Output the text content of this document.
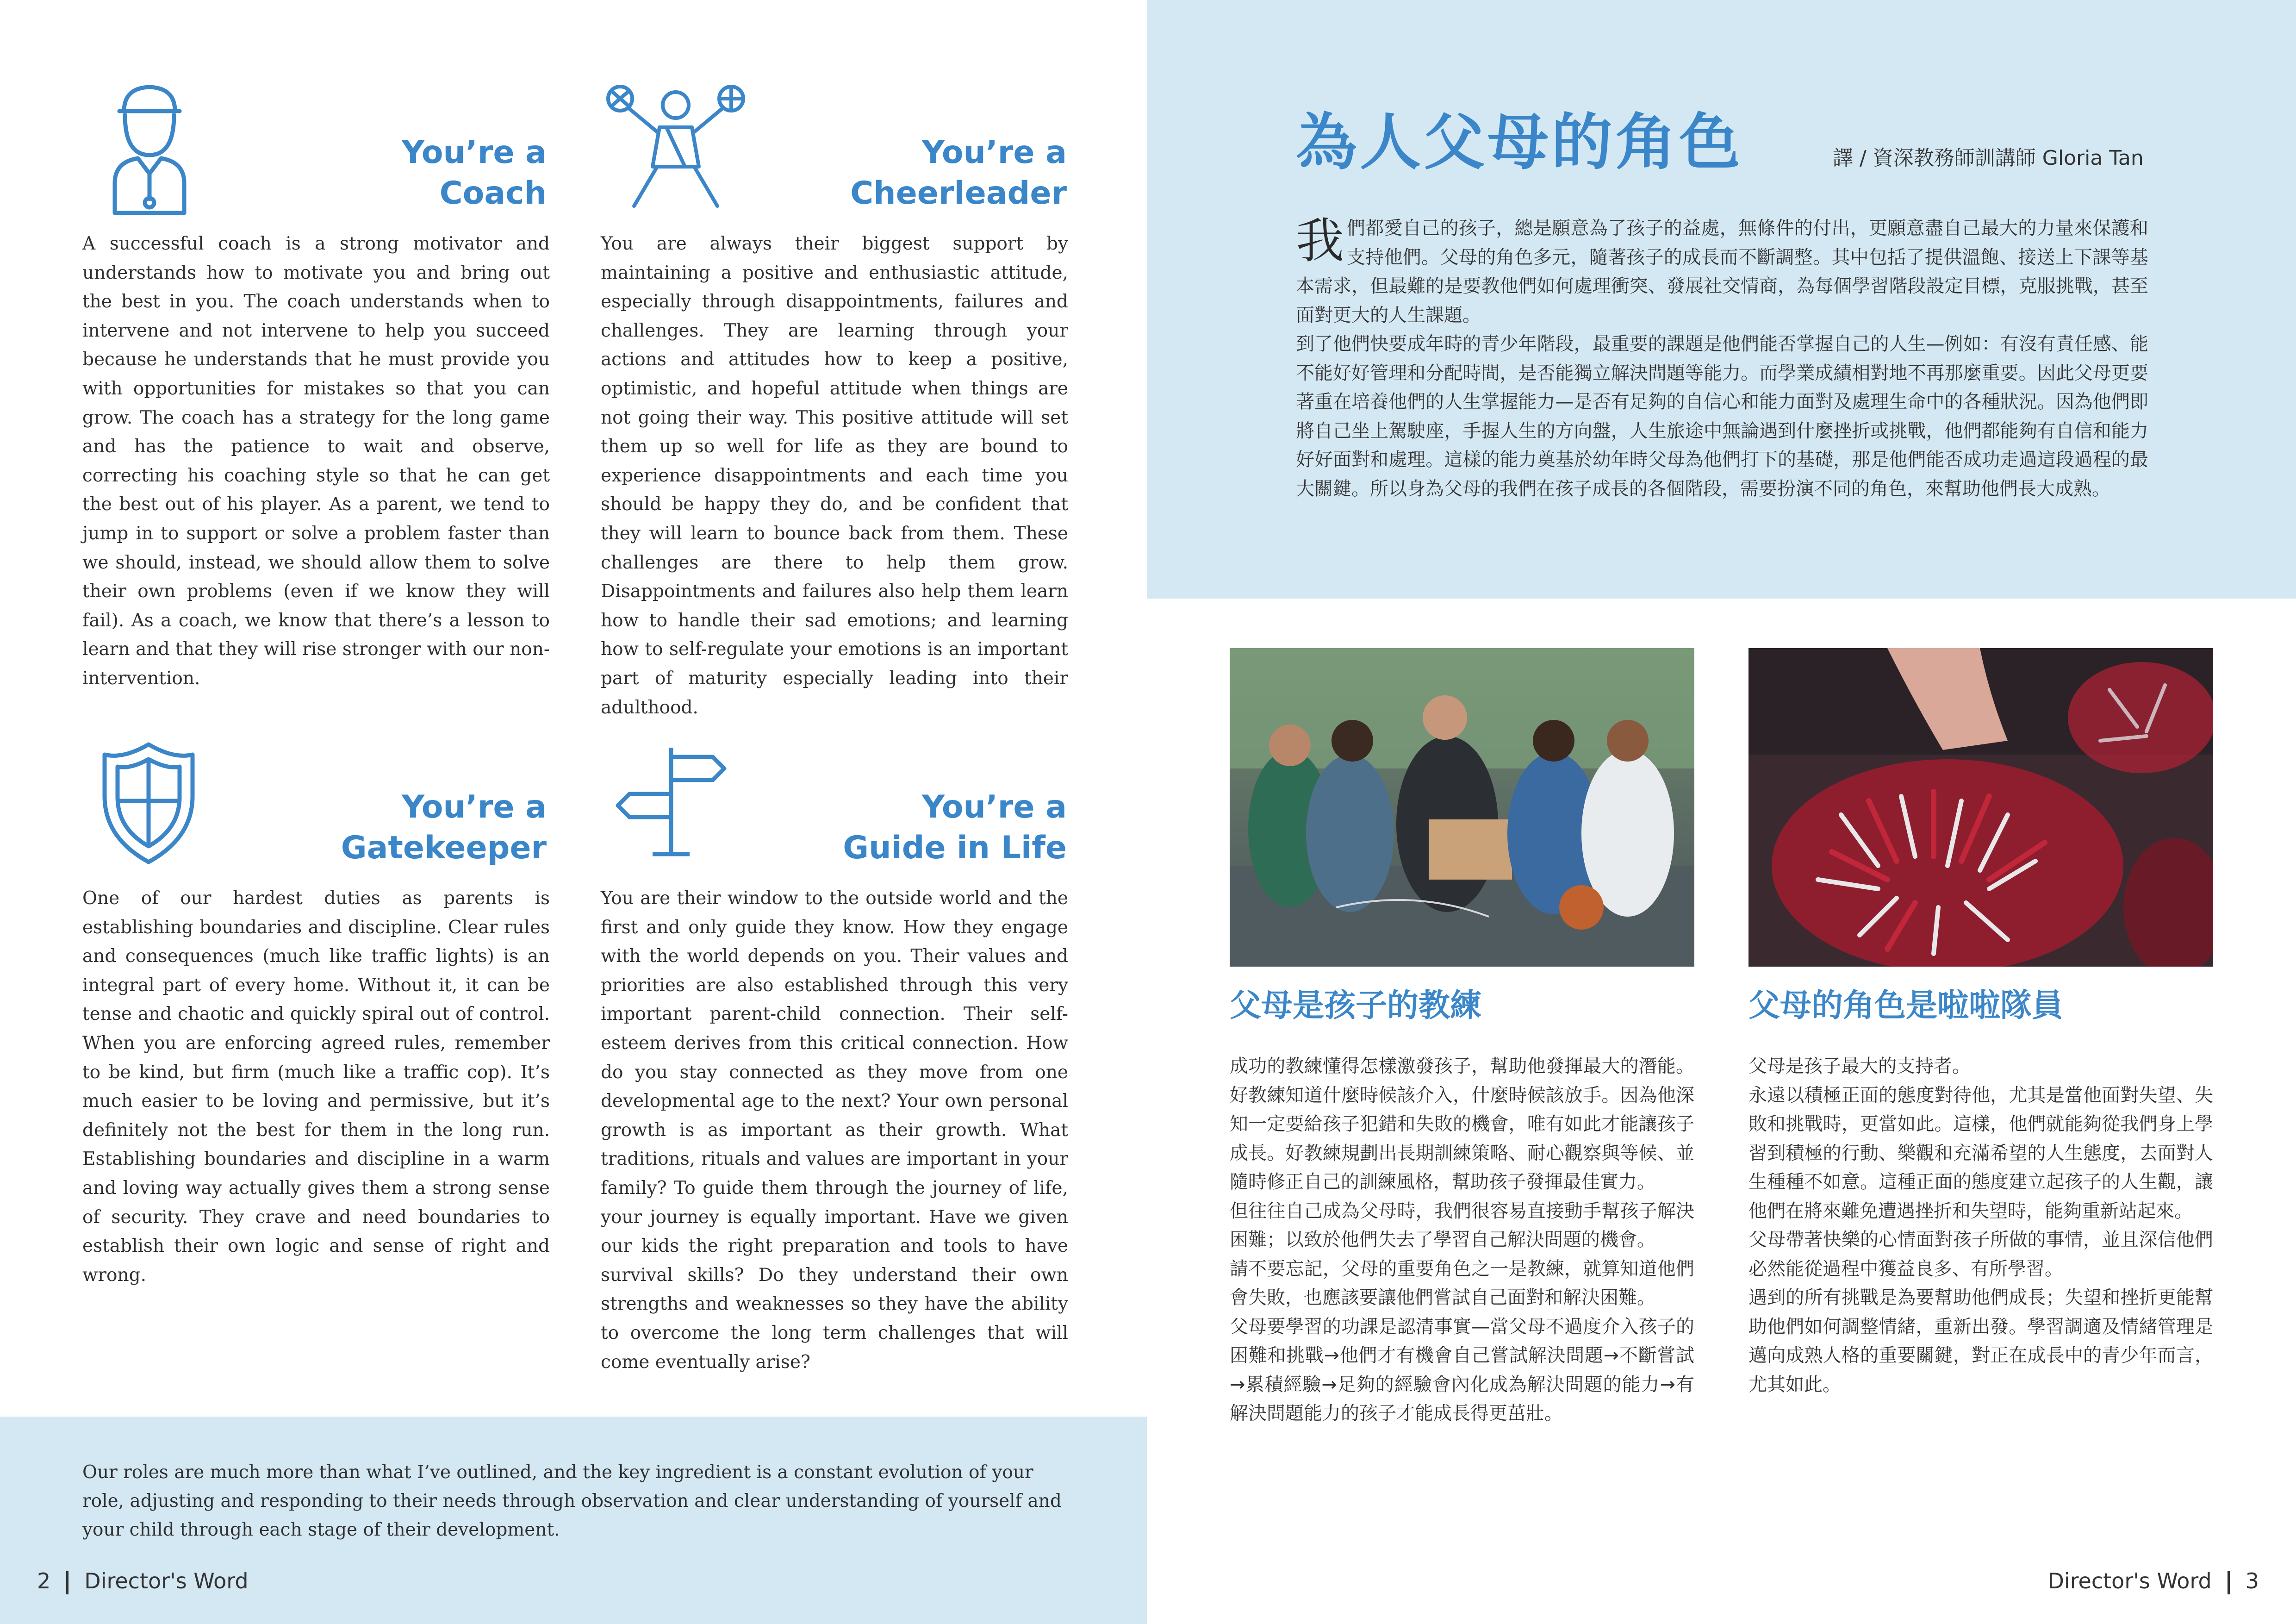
You’re a
Coach

A successful coach is a strong motivator and understands how to motivate you and bring out the best in you. The coach understands when to intervene and not intervene to help you succeed because he understands that he must provide you with opportunities for mistakes so that you can grow. The coach has a strategy for the long game and has the patience to wait and observe, correcting his coaching style so that he can get the best out of his player. As a parent, we tend to jump in to support or solve a problem faster than we should, instead, we should allow them to solve their own problems (even if we know they will fail). As a coach, we know that there’s a lesson to learn and that they will rise stronger with our non-intervention.

You’re a
Cheerleader

You are always their biggest support by maintaining a positive and enthusiastic attitude, especially through disappointments, failures and challenges. They are learning through your actions and attitudes how to keep a positive, optimistic, and hopeful attitude when things are not going their way. This positive attitude will set them up so well for life as they are bound to experience disappointments and each time you should be happy they do, and be confident that they will learn to bounce back from them. These challenges are there to help them grow. Disappointments and failures also help them learn how to handle their sad emotions; and learning how to self-regulate your emotions is an important part of maturity especially leading into their adulthood.

You’re a
Gatekeeper

One of our hardest duties as parents is establishing boundaries and discipline. Clear rules and consequences (much like traffic lights) is an integral part of every home. Without it, it can be tense and chaotic and quickly spiral out of control. When you are enforcing agreed rules, remember to be kind, but firm (much like a traffic cop). It’s much easier to be loving and permissive, but it’s definitely not the best for them in the long run. Establishing boundaries and discipline in a warm and loving way actually gives them a strong sense of security. They crave and need boundaries to establish their own logic and sense of right and wrong.

You’re a
Guide in Life

You are their window to the outside world and the first and only guide they know. How they engage with the world depends on you. Their values and priorities are also established through this very important parent-child connection. Their self-esteem derives from this critical connection. How do you stay connected as they move from one developmental age to the next? Your own personal growth is as important as their growth. What traditions, rituals and values are important in your family? To guide them through the journey of life, your journey is equally important. Have we given our kids the right preparation and tools to have survival skills? Do they understand their own strengths and weaknesses so they have the ability to overcome the long term challenges that will come eventually arise?

Our roles are much more than what I’ve outlined, and the key ingredient is a constant evolution of your role, adjusting and responding to their needs through observation and clear understanding of yourself and your child through each stage of their development.

2 Director's Word
為人父母的角色	譯 / 資深教務師訓講師 Gloria Tan

我們都愛自己的孩子，總是願意為了孩子的益處，無條件的付出，更願意盡自己最大的力量來保護和支持他們。父母的角色多元，隨著孩子的成長而不斷調整。其中包括了提供溫飽、接送上下課等基本需求，但最難的是要教他們如何處理衝突、發展社交情商，為每個學習階段設定目標，克服挑戰，甚至面對更大的人生課題。

到了他們快要成年時的青少年階段，最重要的課題是他們能否掌握自己的人生—例如：有沒有責任感、能不能好好管理和分配時間，是否能獨立解決問題等能力。而學業成績相對地不再那麼重要。因此父母更要著重在培養他們的人生掌握能力—是否有足夠的自信心和能力面對及處理生命中的各種狀況。因為他們即將自己坐上駕駛座，手握人生的方向盤，人生旅途中無論遇到什麼挫折或挑戰，他們都能夠有自信和能力好好面對和處理。這樣的能力奠基於幼年時父母為他們打下的基礎，那是他們能否成功走過這段過程的最大關鍵。所以身為父母的我們在孩子成長的各個階段，需要扮演不同的角色，來幫助他們長大成熟。

父母是孩子的教練

成功的教練懂得怎樣激發孩子，幫助他發揮最大的潛能。好教練知道什麼時候該介入，什麼時候該放手。因為他深知一定要給孩子犯錯和失敗的機會，唯有如此才能讓孩子成長。好教練規劃出長期訓練策略、耐心觀察與等候、並隨時修正自己的訓練風格，幫助孩子發揮最佳實力。

但往往自己成為父母時，我們很容易直接動手幫孩子解決困難；以致於他們失去了學習自己解決問題的機會。

請不要忘記，父母的重要角色之一是教練，就算知道他們會失敗，也應該要讓他們嘗試自己面對和解決困難。

父母要學習的功課是認清事實—當父母不過度介入孩子的困難和挑戰→他們才有機會自己嘗試解決問題→不斷嘗試→累積經驗→足夠的經驗會內化成為解決問題的能力→有解決問題能力的孩子才能成長得更茁壯。

父母的角色是啦啦隊員

父母是孩子最大的支持者。

永遠以積極正面的態度對待他，尤其是當他面對失望、失敗和挑戰時，更當如此。這樣，他們就能夠從我們身上學習到積極的行動、樂觀和充滿希望的人生態度，去面對人生種種不如意。這種正面的態度建立起孩子的人生觀，讓他們在將來難免遭遇挫折和失望時，能夠重新站起來。

父母帶著快樂的心情面對孩子所做的事情，並且深信他們必然能從過程中獲益良多、有所學習。

遇到的所有挑戰是為要幫助他們成長；失望和挫折更能幫助他們如何調整情緒，重新出發。學習調適及情緒管理是邁向成熟人格的重要關鍵，對正在成長中的青少年而言，尤其如此。

Director's Word 3
